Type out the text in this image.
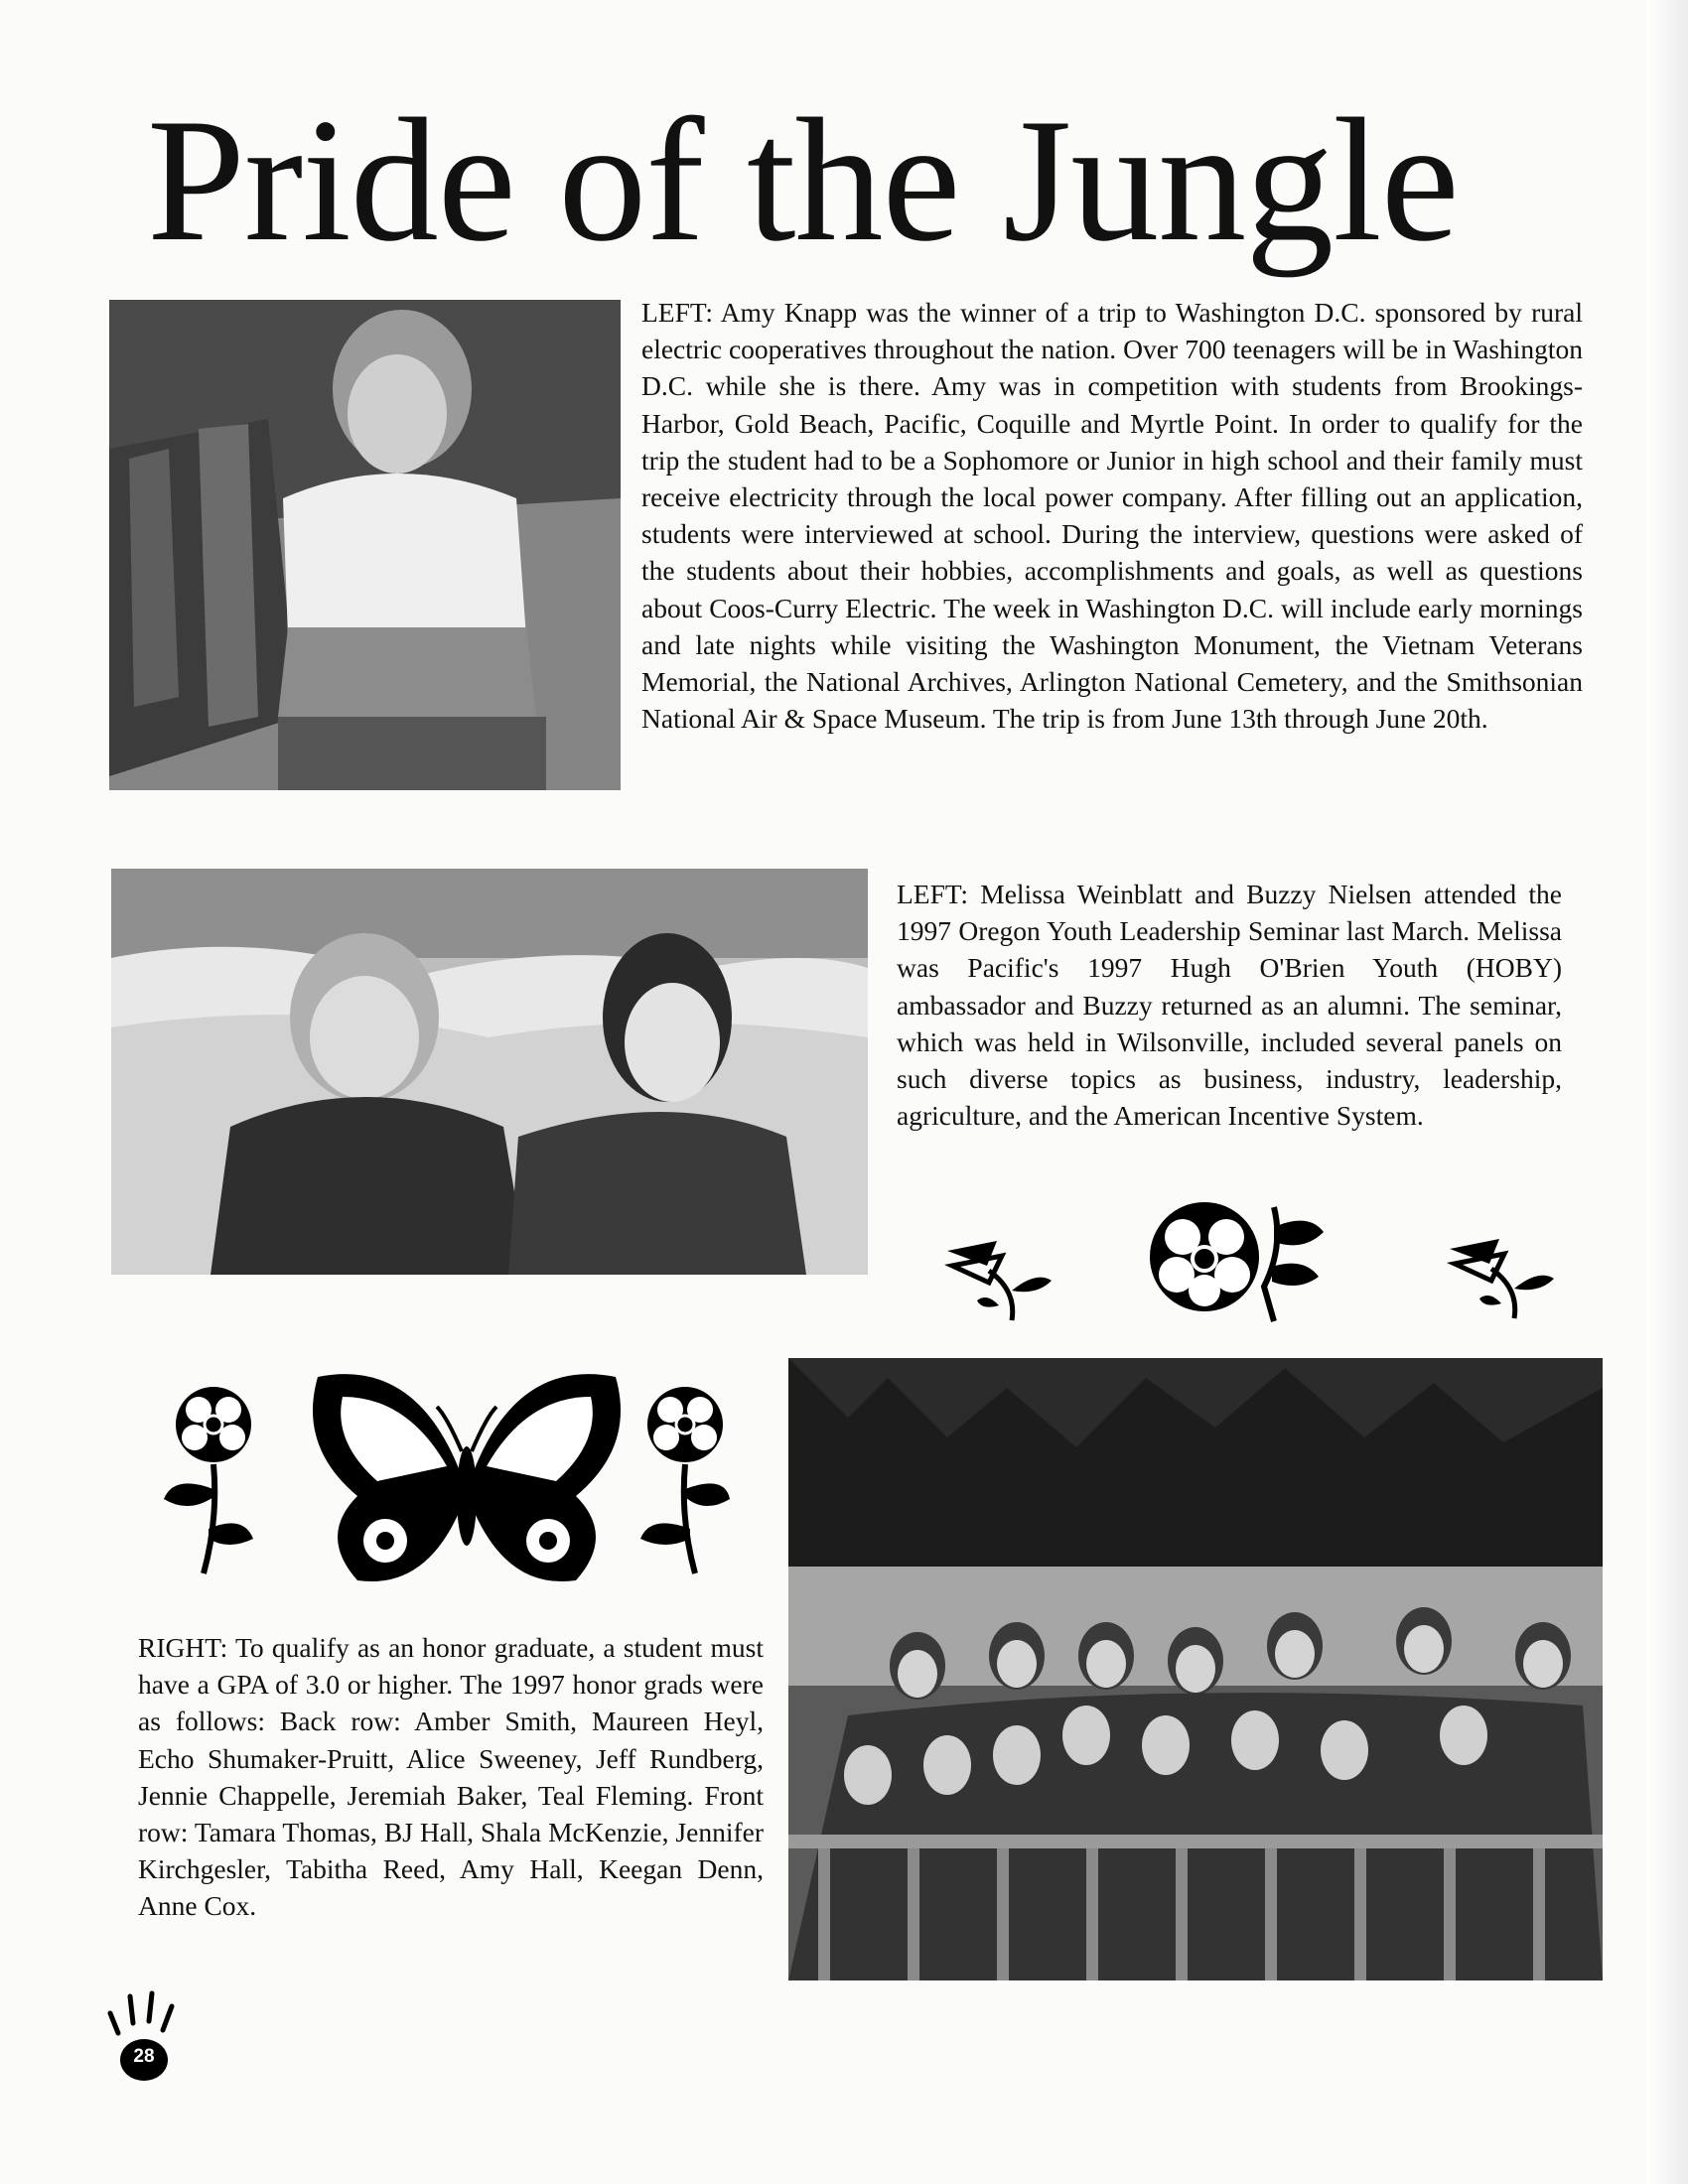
Pride of the Jungle

LEFT: Amy Knapp was the winner of a trip to Washington D.C. sponsored by rural electric cooperatives throughout the nation. Over 700 teenagers will be in Washington D.C. while she is there. Amy was in competition with students from Brookings-Harbor, Gold Beach, Pacific, Coquille and Myrtle Point. In order to qualify for the trip the student had to be a Sophomore or Junior in high school and their family must receive electricity through the local power company. After filling out an application, students were interviewed at school. During the interview, questions were asked of the students about their hobbies, accomplishments and goals, as well as questions about Coos-Curry Electric. The week in Washington D.C. will include early mornings and late nights while visiting the Washington Monument, the Vietnam Veterans Memorial, the National Archives, Arlington National Cemetery, and the Smithsonian National Air & Space Museum. The trip is from June 13th through June 20th.

LEFT: Melissa Weinblatt and Buzzy Nielsen attended the 1997 Oregon Youth Leadership Seminar last March. Melissa was Pacific's 1997 Hugh O'Brien Youth (HOBY) ambassador and Buzzy returned as an alumni. The seminar, which was held in Wilsonville, included several panels on such diverse topics as business, industry, leadership, agriculture, and the American Incentive System.

RIGHT: To qualify as an honor graduate, a student must have a GPA of 3.0 or higher. The 1997 honor grads were as follows: Back row: Amber Smith, Maureen Heyl, Echo Shumaker-Pruitt, Alice Sweeney, Jeff Rundberg, Jennie Chappelle, Jeremiah Baker, Teal Fleming. Front row: Tamara Thomas, BJ Hall, Shala McKenzie, Jennifer Kirchgesler, Tabitha Reed, Amy Hall, Keegan Denn, Anne Cox.

28
